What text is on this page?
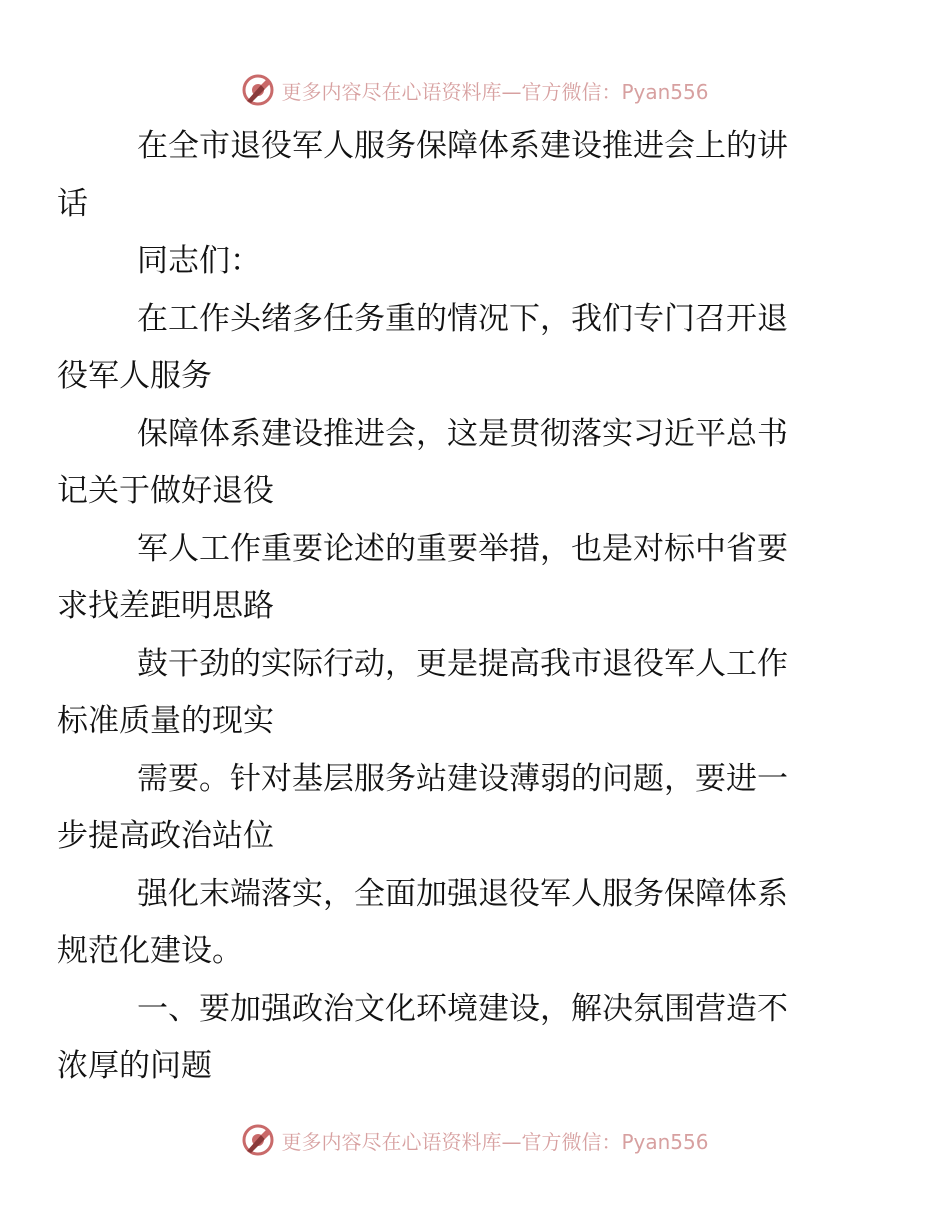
更多内容尽在心语资料库—官方微信：Pyan556

在全市退役军人服务保障体系建设推进会上的讲
话

同志们：

在工作头绪多任务重的情况下，我们专门召开退
役军人服务

保障体系建设推进会，这是贯彻落实习近平总书
记关于做好退役

军人工作重要论述的重要举措，也是对标中省要
求找差距明思路

鼓干劲的实际行动，更是提高我市退役军人工作
标准质量的现实

需要。针对基层服务站建设薄弱的问题，要进一
步提高政治站位

强化末端落实，全面加强退役军人服务保障体系
规范化建设。

一、要加强政治文化环境建设，解决氛围营造不
浓厚的问题

更多内容尽在心语资料库—官方微信：Pyan556
